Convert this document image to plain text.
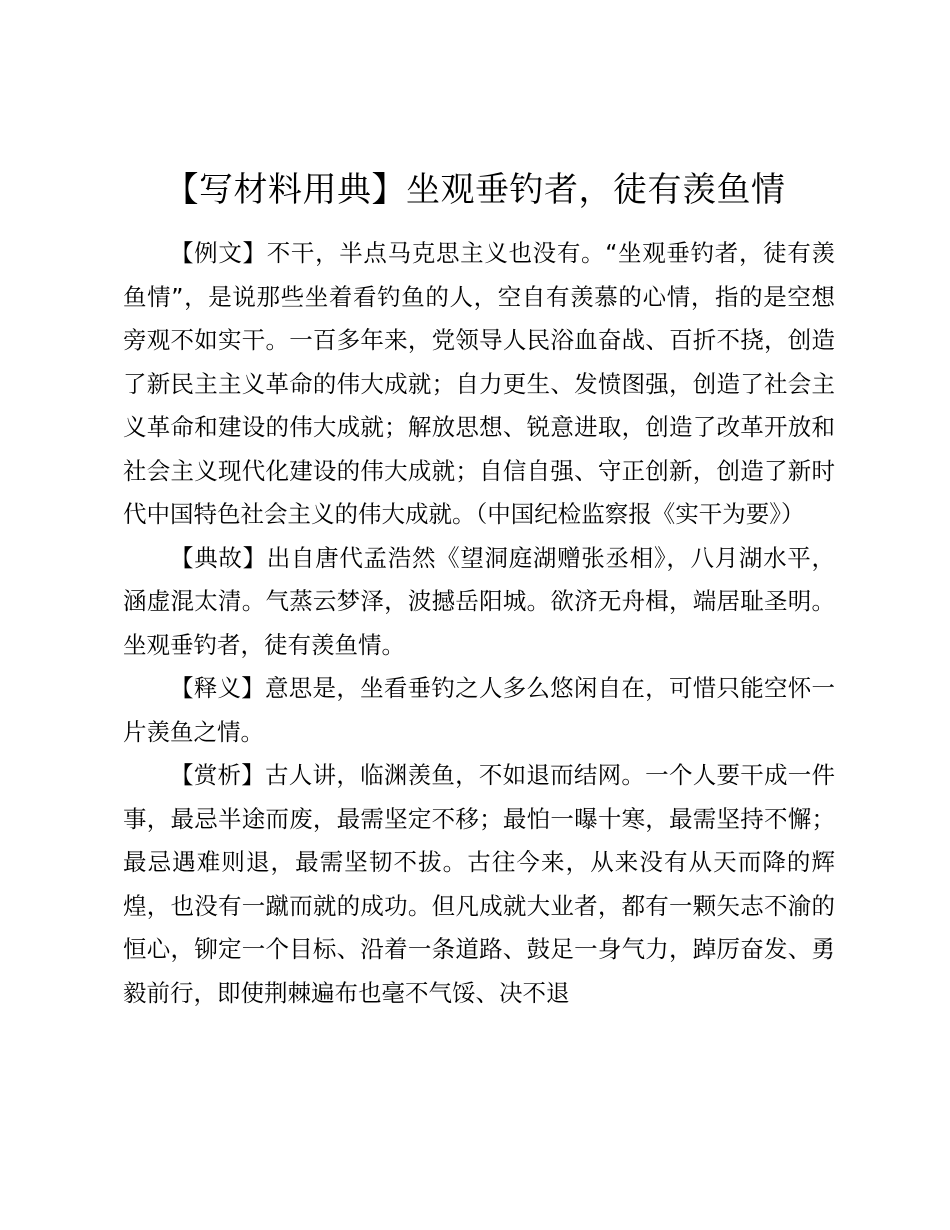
【写材料用典】坐观垂钓者，徒有羡鱼情

【例文】不干，半点马克思主义也没有。“坐观垂钓者，徒有羡鱼情”，是说那些坐着看钓鱼的人，空自有羡慕的心情，指的是空想旁观不如实干。一百多年来，党领导人民浴血奋战、百折不挠，创造了新民主主义革命的伟大成就；自力更生、发愤图强，创造了社会主义革命和建设的伟大成就；解放思想、锐意进取，创造了改革开放和社会主义现代化建设的伟大成就；自信自强、守正创新，创造了新时代中国特色社会主义的伟大成就。（中国纪检监察报《实干为要》）

【典故】出自唐代孟浩然《望洞庭湖赠张丞相》，八月湖水平，涵虚混太清。气蒸云梦泽，波撼岳阳城。欲济无舟楫，端居耻圣明。坐观垂钓者，徒有羡鱼情。

【释义】意思是，坐看垂钓之人多么悠闲自在，可惜只能空怀一片羡鱼之情。

【赏析】古人讲，临渊羡鱼，不如退而结网。一个人要干成一件事，最忌半途而废，最需坚定不移；最怕一曝十寒，最需坚持不懈；最忌遇难则退，最需坚韧不拔。古往今来，从来没有从天而降的辉煌，也没有一蹴而就的成功。但凡成就大业者，都有一颗矢志不渝的恒心，铆定一个目标、沿着一条道路、鼓足一身气力，踔厉奋发、勇毅前行，即使荆棘遍布也毫不气馁、决不退
